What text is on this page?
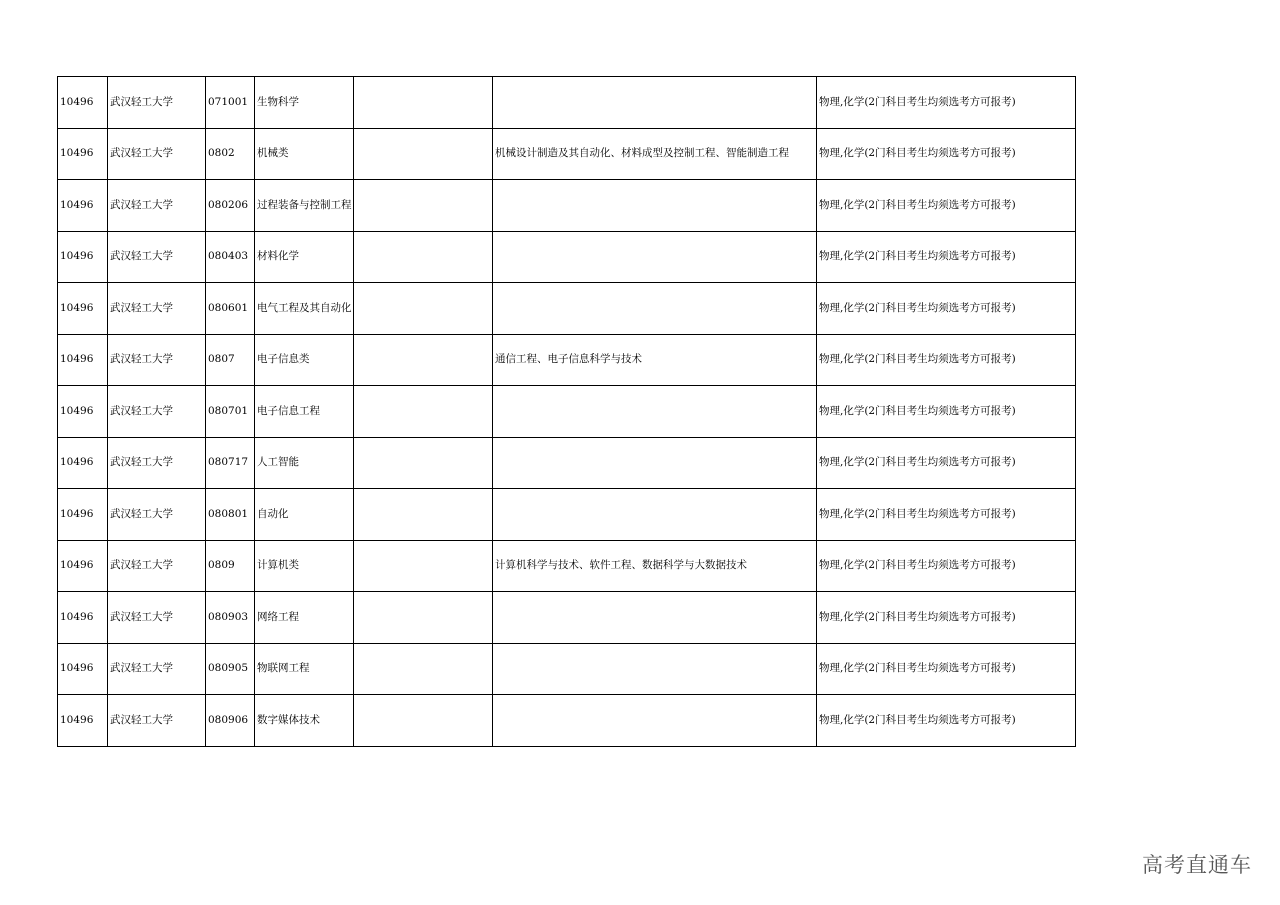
10496	武汉轻工大学	071001	生物科学			物理,化学(2门科目考生均须选考方可报考)
10496	武汉轻工大学	0802	机械类		机械设计制造及其自动化、材料成型及控制工程、智能制造工程	物理,化学(2门科目考生均须选考方可报考)
10496	武汉轻工大学	080206	过程装备与控制工程			物理,化学(2门科目考生均须选考方可报考)
10496	武汉轻工大学	080403	材料化学			物理,化学(2门科目考生均须选考方可报考)
10496	武汉轻工大学	080601	电气工程及其自动化			物理,化学(2门科目考生均须选考方可报考)
10496	武汉轻工大学	0807	电子信息类		通信工程、电子信息科学与技术	物理,化学(2门科目考生均须选考方可报考)
10496	武汉轻工大学	080701	电子信息工程			物理,化学(2门科目考生均须选考方可报考)
10496	武汉轻工大学	080717	人工智能			物理,化学(2门科目考生均须选考方可报考)
10496	武汉轻工大学	080801	自动化			物理,化学(2门科目考生均须选考方可报考)
10496	武汉轻工大学	0809	计算机类		计算机科学与技术、软件工程、数据科学与大数据技术	物理,化学(2门科目考生均须选考方可报考)
10496	武汉轻工大学	080903	网络工程			物理,化学(2门科目考生均须选考方可报考)
10496	武汉轻工大学	080905	物联网工程			物理,化学(2门科目考生均须选考方可报考)
10496	武汉轻工大学	080906	数字媒体技术			物理,化学(2门科目考生均须选考方可报考)
高考直通车
